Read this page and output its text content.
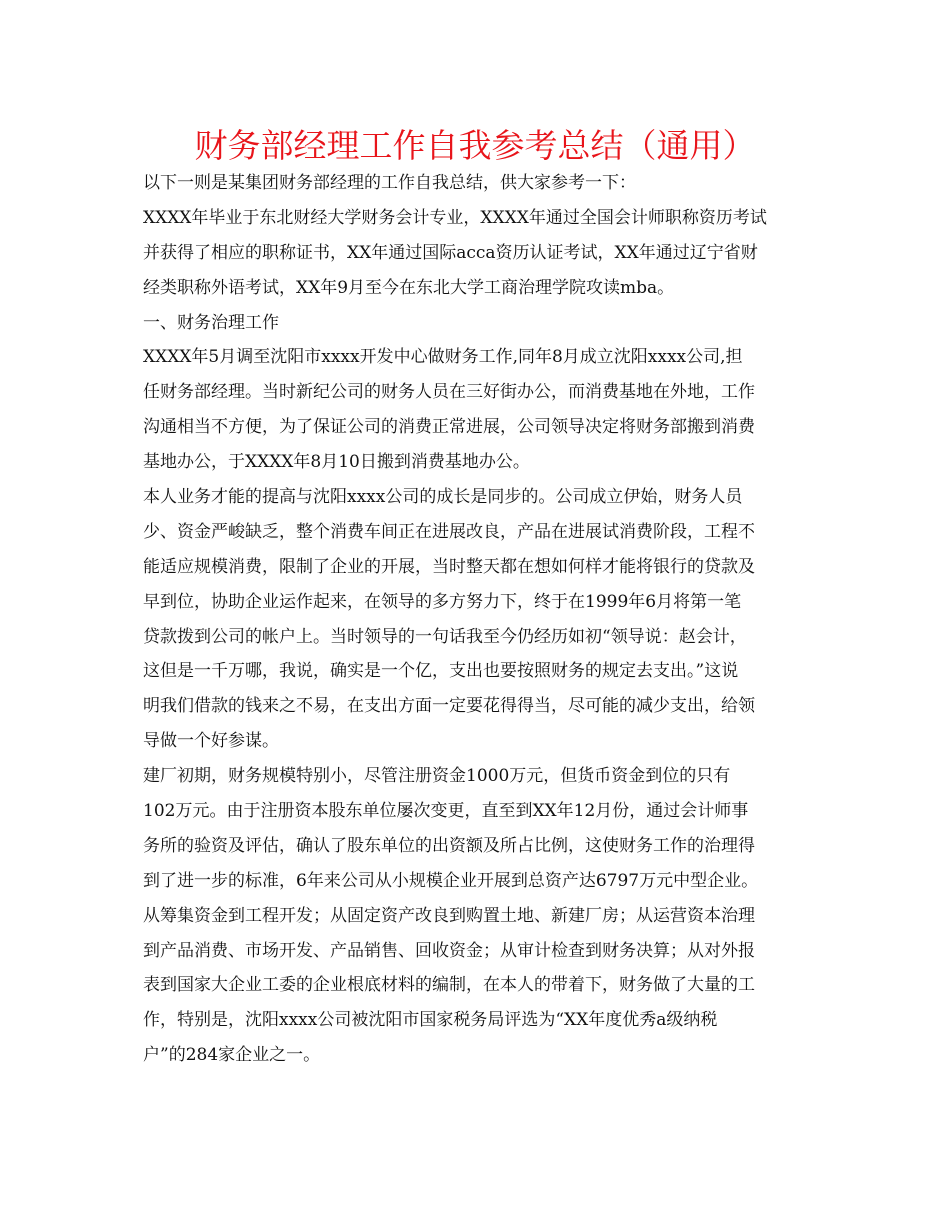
财务部经理工作自我参考总结（通用）
以下一则是某集团财务部经理的工作自我总结，供大家参考一下：
XXXX年毕业于东北财经大学财务会计专业，XXXX年通过全国会计师职称资历考试
并获得了相应的职称证书，XX年通过国际acca资历认证考试，XX年通过辽宁省财
经类职称外语考试，XX年9月至今在东北大学工商治理学院攻读mba。
一、财务治理工作
XXXX年5月调至沈阳市xxxx开发中心做财务工作,同年8月成立沈阳xxxx公司,担
任财务部经理。当时新纪公司的财务人员在三好街办公，而消费基地在外地，工作
沟通相当不方便，为了保证公司的消费正常进展，公司领导决定将财务部搬到消费
基地办公，于XXXX年8月10日搬到消费基地办公。
本人业务才能的提高与沈阳xxxx公司的成长是同步的。公司成立伊始，财务人员
少、资金严峻缺乏，整个消费车间正在进展改良，产品在进展试消费阶段，工程不
能适应规模消费，限制了企业的开展，当时整天都在想如何样才能将银行的贷款及
早到位，协助企业运作起来，在领导的多方努力下，终于在1999年6月将第一笔
贷款拨到公司的帐户上。当时领导的一句话我至今仍经历如初“领导说：赵会计，
这但是一千万哪，我说，确实是一个亿，支出也要按照财务的规定去支出。”这说
明我们借款的钱来之不易，在支出方面一定要花得得当，尽可能的减少支出，给领
导做一个好参谋。
建厂初期，财务规模特别小，尽管注册资金1000万元，但货币资金到位的只有
102万元。由于注册资本股东单位屡次变更，直至到XX年12月份，通过会计师事
务所的验资及评估，确认了股东单位的出资额及所占比例，这使财务工作的治理得
到了进一步的标准，6年来公司从小规模企业开展到总资产达6797万元中型企业。
从筹集资金到工程开发；从固定资产改良到购置土地、新建厂房；从运营资本治理
到产品消费、市场开发、产品销售、回收资金；从审计检查到财务决算；从对外报
表到国家大企业工委的企业根底材料的编制，在本人的带着下，财务做了大量的工
作，特别是，沈阳xxxx公司被沈阳市国家税务局评选为“XX年度优秀a级纳税
户”的284家企业之一。
